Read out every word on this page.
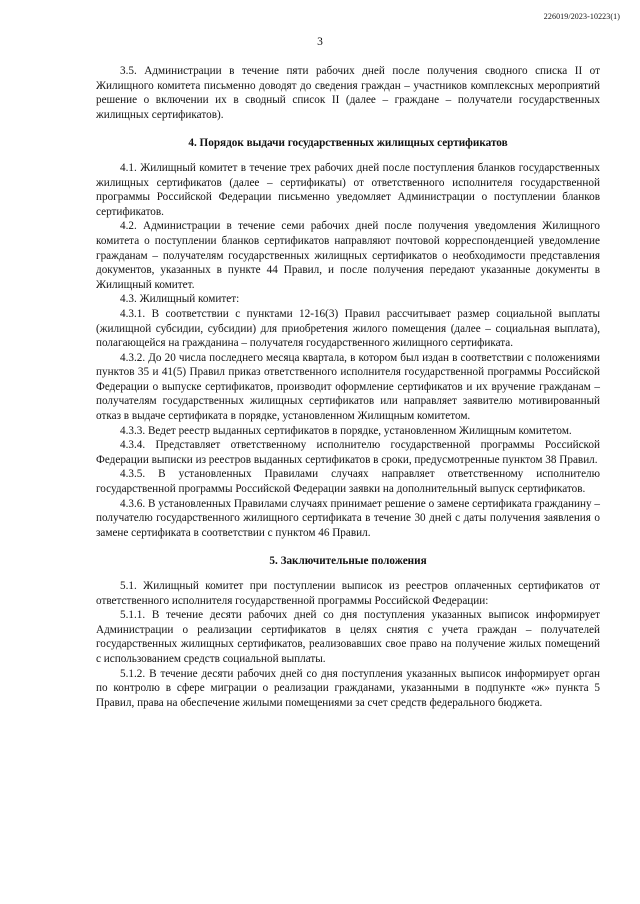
226019/2023-10223(1)
3

3.5. Администрации в течение пяти рабочих дней после получения сводного списка II от Жилищного комитета письменно доводят до сведения граждан – участников комплексных мероприятий решение о включении их в сводный список II (далее – граждане – получатели государственных жилищных сертификатов).

4. Порядок выдачи государственных жилищных сертификатов

4.1. Жилищный комитет в течение трех рабочих дней после поступления бланков государственных жилищных сертификатов (далее – сертификаты) от ответственного исполнителя государственной программы Российской Федерации письменно уведомляет Администрации о поступлении бланков сертификатов.

4.2. Администрации в течение семи рабочих дней после получения уведомления Жилищного комитета о поступлении бланков сертификатов направляют почтовой корреспонденцией уведомление гражданам – получателям государственных жилищных сертификатов о необходимости представления документов, указанных в пункте 44 Правил, и после получения передают указанные документы в Жилищный комитет.

4.3. Жилищный комитет:

4.3.1. В соответствии с пунктами 12-16(3) Правил рассчитывает размер социальной выплаты (жилищной субсидии, субсидии) для приобретения жилого помещения (далее – социальная выплата), полагающейся на гражданина – получателя государственного жилищного сертификата.

4.3.2. До 20 числа последнего месяца квартала, в котором был издан в соответствии с положениями пунктов 35 и 41(5) Правил приказ ответственного исполнителя государственной программы Российской Федерации о выпуске сертификатов, производит оформление сертификатов и их вручение гражданам – получателям государственных жилищных сертификатов или направляет заявителю мотивированный отказ в выдаче сертификата в порядке, установленном Жилищным комитетом.

4.3.3. Ведет реестр выданных сертификатов в порядке, установленном Жилищным комитетом.

4.3.4. Представляет ответственному исполнителю государственной программы Российской Федерации выписки из реестров выданных сертификатов в сроки, предусмотренные пунктом 38 Правил.

4.3.5. В установленных Правилами случаях направляет ответственному исполнителю государственной программы Российской Федерации заявки на дополнительный выпуск сертификатов.

4.3.6. В установленных Правилами случаях принимает решение о замене сертификата гражданину – получателю государственного жилищного сертификата в течение 30 дней с даты получения заявления о замене сертификата в соответствии с пунктом 46 Правил.

5. Заключительные положения

5.1. Жилищный комитет при поступлении выписок из реестров оплаченных сертификатов от ответственного исполнителя государственной программы Российской Федерации:

5.1.1. В течение десяти рабочих дней со дня поступления указанных выписок информирует Администрации о реализации сертификатов в целях снятия с учета граждан – получателей государственных жилищных сертификатов, реализовавших свое право на получение жилых помещений с использованием средств социальной выплаты.

5.1.2. В течение десяти рабочих дней со дня поступления указанных выписок информирует орган по контролю в сфере миграции о реализации гражданами, указанными в подпункте «ж» пункта 5 Правил, права на обеспечение жилыми помещениями за счет средств федерального бюджета.
